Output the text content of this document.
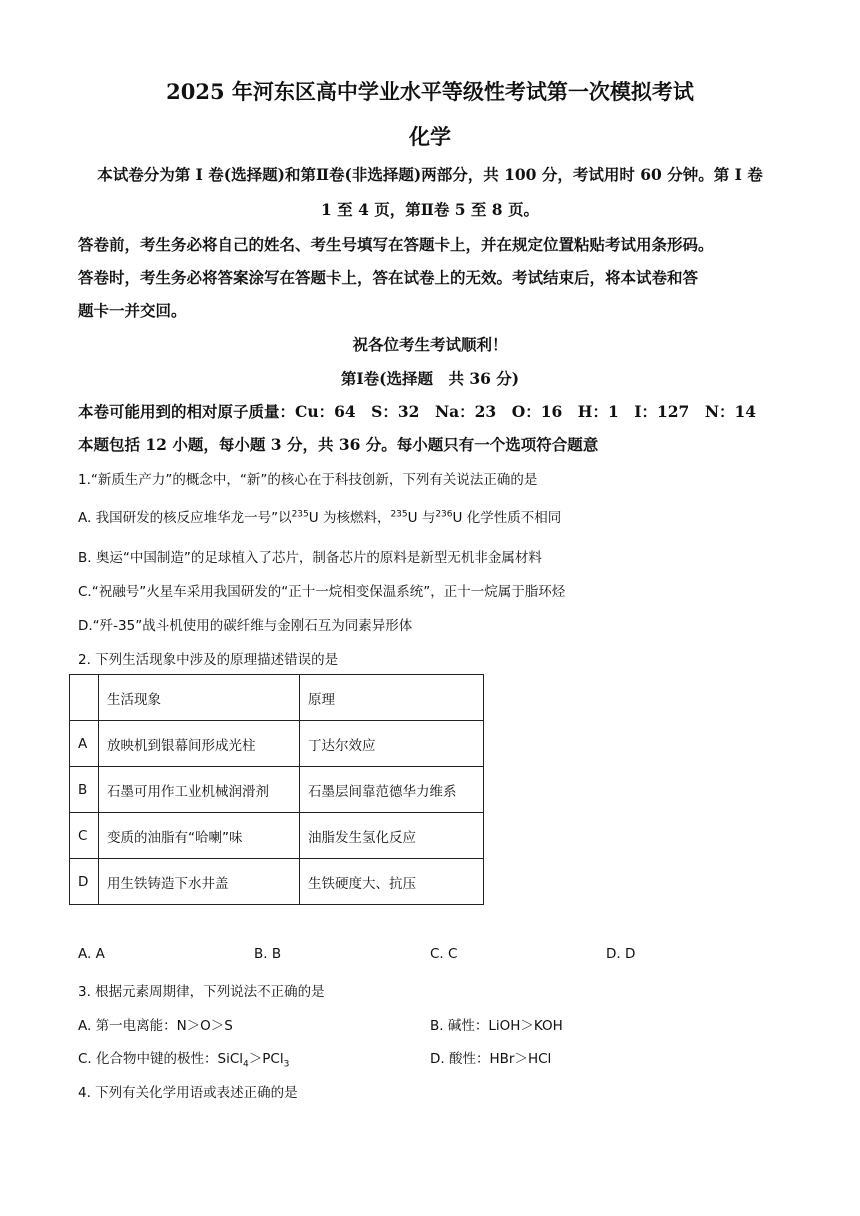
2025 年河东区高中学业水平等级性考试第一次模拟考试
化学
本试卷分为第 I 卷(选择题)和第Ⅱ卷(非选择题)两部分，共 100 分，考试用时 60 分钟。第 I 卷
1 至 4 页，第Ⅱ卷 5 至 8 页。
答卷前，考生务必将自己的姓名、考生号填写在答题卡上，并在规定位置粘贴考试用条形码。
答卷时，考生务必将答案涂写在答题卡上，答在试卷上的无效。考试结束后，将本试卷和答
题卡一并交回。
祝各位考生考试顺利！
第Ⅰ卷(选择题　共 36 分)
本卷可能用到的相对原子质量：Cu：64　S：32　Na：23　O：16　H：1　I：127　N：14
本题包括 12 小题，每小题 3 分，共 36 分。每小题只有一个选项符合题意
1.“新质生产力”的概念中，“新”的核心在于科技创新，下列有关说法正确的是
A. 我国研发的核反应堆华龙一号”以$^{235}$U 为核燃料，$^{235}$U 与$^{236}$U 化学性质不相同
B. 奥运“中国制造”的足球植入了芯片，制备芯片的原料是新型无机非金属材料
C.“祝融号”火星车采用我国研发的“正十一烷相变保温系统”，正十一烷属于脂环烃
D.“歼-35”战斗机使用的碳纤维与金刚石互为同素异形体
2. 下列生活现象中涉及的原理描述错误的是
	生活现象	原理
A	放映机到银幕间形成光柱	丁达尔效应
B	石墨可用作工业机械润滑剂	石墨层间靠范德华力维系
C	变质的油脂有“哈喇”味	油脂发生氢化反应
D	用生铁铸造下水井盖	生铁硬度大、抗压
A. A	B. B	C. C	D. D
3. 根据元素周期律，下列说法不正确的是
A. 第一电离能：N＞O＞S	B. 碱性：LiOH＞KOH
C. 化合物中键的极性：SiCl$_4$＞PCl$_3$	D. 酸性：HBr＞HCl
4. 下列有关化学用语或表述正确的是
